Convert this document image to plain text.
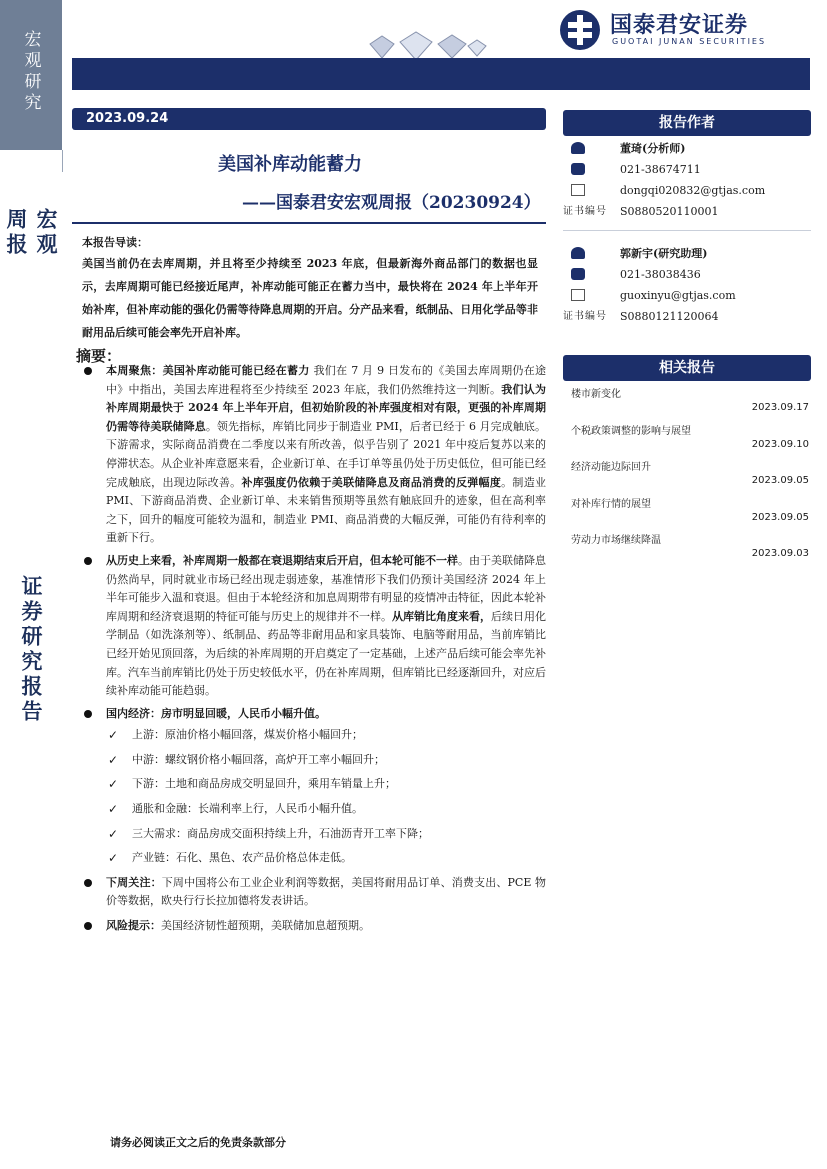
宏观研究
宏观周报
证券研究报告
国泰君安证券
GUOTAI JUNAN SECURITIES
2023.09.24
美国补库动能蓄力
——国泰君安宏观周报（20230924）
本报告导读：
美国当前仍在去库周期，并且将至少持续至 2023 年底，但最新海外商品部门的数据也显示，去库周期可能已经接近尾声，补库动能可能正在蓄力当中，最快将在 2024 年上半年开始补库，但补库动能的强化仍需等待降息周期的开启。分产品来看，纸制品、日用化学品等非耐用品后续可能会率先开启补库。
摘要：
本周聚焦：美国补库动能可能已经在蓄力 我们在 7 月 9 日发布的《美国去库周期仍在途中》中指出，美国去库进程将至少持续至 2023 年底，我们仍然维持这一判断。我们认为补库周期最快于 2024 年上半年开启，但初始阶段的补库强度相对有限，更强的补库周期仍需等待美联储降息。领先指标，库销比同步于制造业 PMI，后者已经于 6 月完成触底。下游需求，实际商品消费在二季度以来有所改善，似乎告别了 2021 年中疫后复苏以来的停滞状态。从企业补库意愿来看，企业新订单、在手订单等虽仍处于历史低位，但可能已经完成触底，出现边际改善。补库强度仍依赖于美联储降息及商品消费的反弹幅度。制造业 PMI、下游商品消费、企业新订单、未来销售预期等虽然有触底回升的迹象，但在高利率之下，回升的幅度可能较为温和，制造业 PMI、商品消费的大幅反弹，可能仍有待利率的重新下行。
从历史上来看，补库周期一般都在衰退期结束后开启，但本轮可能不一样。由于美联储降息仍然尚早，同时就业市场已经出现走弱迹象，基准情形下我们仍预计美国经济 2024 年上半年可能步入温和衰退。但由于本轮经济和加息周期带有明显的疫情冲击特征，因此本轮补库周期和经济衰退期的特征可能与历史上的规律并不一样。从库销比角度来看，后续日用化学制品（如洗涤剂等）、纸制品、药品等非耐用品和家具装饰、电脑等耐用品，当前库销比已经开始见顶回落，为后续的补库周期的开启奠定了一定基础，上述产品后续可能会率先补库。汽车当前库销比仍处于历史较低水平，仍在补库周期，但库销比已经逐渐回升，对应后续补库动能可能趋弱。
国内经济：房市明显回暖，人民币小幅升值。
✓ 上游：原油价格小幅回落，煤炭价格小幅回升；
✓ 中游：螺纹钢价格小幅回落，高炉开工率小幅回升；
✓ 下游：土地和商品房成交明显回升，乘用车销量上升；
✓ 通胀和金融：长端利率上行，人民币小幅升值。
✓ 三大需求：商品房成交面积持续上升，石油沥青开工率下降；
✓ 产业链：石化、黑色、农产品价格总体走低。
下周关注：下周中国将公布工业企业利润等数据，美国将耐用品订单、消费支出、PCE 物价等数据，欧央行行长拉加德将发表讲话。
风险提示：美国经济韧性超预期，美联储加息超预期。
报告作者
董琦(分析师)
021-38674711
dongqi020832@gtjas.com
证书编号 S0880520110001
郭新宇(研究助理)
021-38038436
guoxinyu@gtjas.com
证书编号 S0880121120064
相关报告
楼市新变化
2023.09.17
个税政策调整的影响与展望
2023.09.10
经济动能边际回升
2023.09.05
对补库行情的展望
2023.09.05
劳动力市场继续降温
2023.09.03
请务必阅读正文之后的免责条款部分
